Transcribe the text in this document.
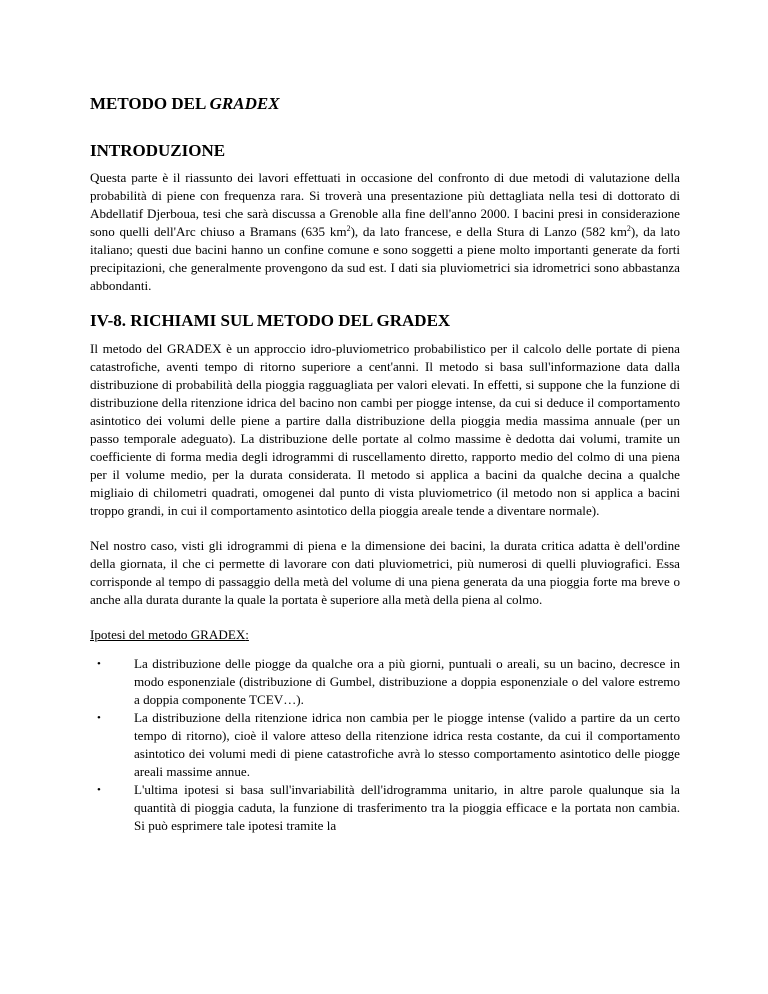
METODO DEL GRADEX
INTRODUZIONE

Questa parte è il riassunto dei lavori effettuati in occasione del confronto di due metodi di valutazione della probabilità di piene con frequenza rara. Si troverà una presentazione più dettagliata nella tesi di dottorato di Abdellatif Djerboua, tesi che sarà discussa a Grenoble alla fine dell'anno 2000. I bacini presi in considerazione sono quelli dell'Arc chiuso a Bramans (635 $km^2$), da lato francese, e della Stura di Lanzo (582 $km^2$), da lato italiano; questi due bacini hanno un confine comune e sono soggetti a piene molto importanti generate da forti precipitazioni, che generalmente provengono da sud est. I dati sia pluviometrici sia idrometrici sono abbastanza abbondanti.

IV-8. RICHIAMI SUL METODO DEL GRADEX

Il metodo del GRADEX è un approccio idro-pluviometrico probabilistico per il calcolo delle portate di piena catastrofiche, aventi tempo di ritorno superiore a cent'anni. Il metodo si basa sull'informazione data dalla distribuzione di probabilità della pioggia ragguagliata per valori elevati. In effetti, si suppone che la funzione di distribuzione della ritenzione idrica del bacino non cambi per piogge intense, da cui si deduce il comportamento asintotico dei volumi delle piene a partire dalla distribuzione della pioggia media massima annuale (per un passo temporale adeguato). La distribuzione delle portate al colmo massime è dedotta dai volumi, tramite un coefficiente di forma media degli idrogrammi di ruscellamento diretto, rapporto medio del colmo di una piena per il volume medio, per la durata considerata. Il metodo si applica a bacini da qualche decina a qualche migliaio di chilometri quadrati, omogenei dal punto di vista pluviometrico (il metodo non si applica a bacini troppo grandi, in cui il comportamento asintotico della pioggia areale tende a diventare normale).

Nel nostro caso, visti gli idrogrammi di piena e la dimensione dei bacini, la durata critica adatta è dell'ordine della giornata, il che ci permette di lavorare con dati pluviometrici, più numerosi di quelli pluviografici. Essa corrisponde al tempo di passaggio della metà del volume di una piena generata da una pioggia forte ma breve o anche alla durata durante la quale la portata è superiore alla metà della piena al colmo.

Ipotesi del metodo GRADEX:

•	La distribuzione delle piogge da qualche ora a più giorni, puntuali o areali, su un bacino, decresce in modo esponenziale (distribuzione di Gumbel, distribuzione a doppia esponenziale o del valore estremo a doppia componente TCEV…).
•	La distribuzione della ritenzione idrica non cambia per le piogge intense (valido a partire da un certo tempo di ritorno), cioè il valore atteso della ritenzione idrica resta costante, da cui il comportamento asintotico dei volumi medi di piene catastrofiche avrà lo stesso comportamento asintotico delle piogge areali massime annue.
•	L'ultima ipotesi si basa sull'invariabilità dell'idrogramma unitario, in altre parole qualunque sia la quantità di pioggia caduta, la funzione di trasferimento tra la pioggia efficace e la portata non cambia. Si può esprimere tale ipotesi tramite la
